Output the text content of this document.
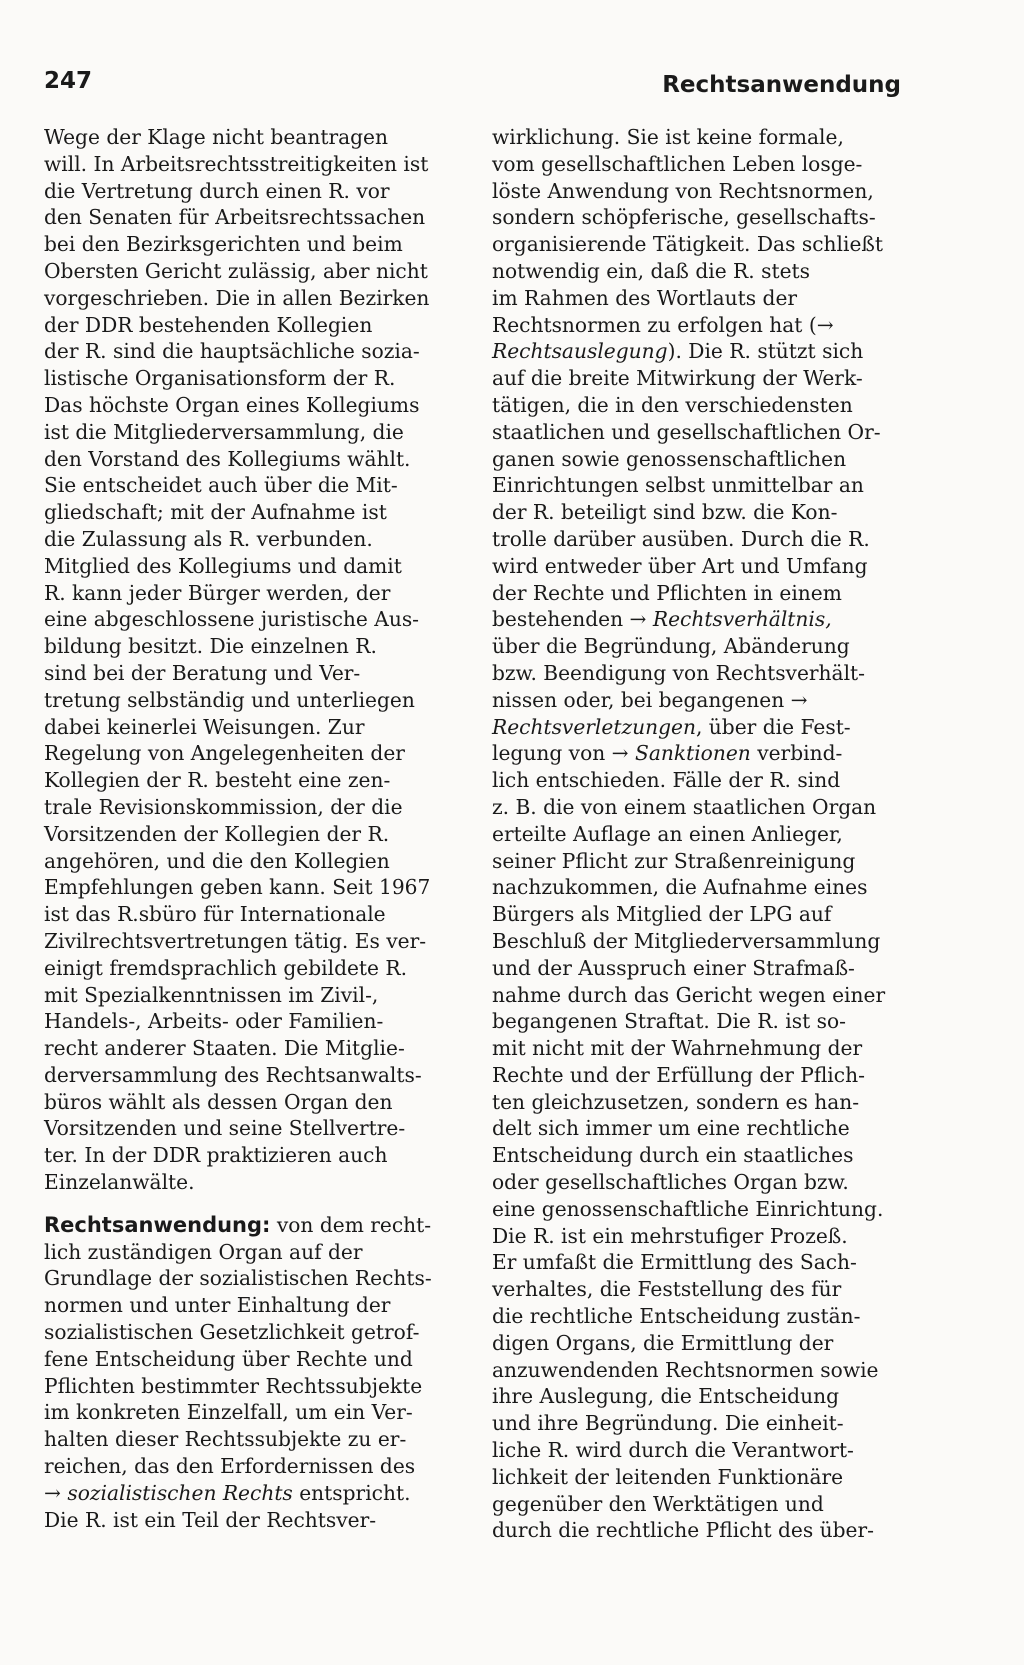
247	Rechtsanwendung
Wege der Klage nicht beantragen
will. In Arbeitsrechtsstreitigkeiten ist
die Vertretung durch einen R. vor
den Senaten für Arbeitsrechtssachen
bei den Bezirksgerichten und beim
Obersten Gericht zulässig, aber nicht
vorgeschrieben. Die in allen Bezirken
der DDR bestehenden Kollegien
der R. sind die hauptsächliche sozia-
listische Organisationsform der R.
Das höchste Organ eines Kollegiums
ist die Mitgliederversammlung, die
den Vorstand des Kollegiums wählt.
Sie entscheidet auch über die Mit-
gliedschaft; mit der Aufnahme ist
die Zulassung als R. verbunden.
Mitglied des Kollegiums und damit
R. kann jeder Bürger werden, der
eine abgeschlossene juristische Aus-
bildung besitzt. Die einzelnen R.
sind bei der Beratung und Ver-
tretung selbständig und unterliegen
dabei keinerlei Weisungen. Zur
Regelung von Angelegenheiten der
Kollegien der R. besteht eine zen-
trale Revisionskommission, der die
Vorsitzenden der Kollegien der R.
angehören, und die den Kollegien
Empfehlungen geben kann. Seit 1967
ist das R.sbüro für Internationale
Zivilrechtsvertretungen tätig. Es ver-
einigt fremdsprachlich gebildete R.
mit Spezialkenntnissen im Zivil-,
Handels-, Arbeits- oder Familien-
recht anderer Staaten. Die Mitglie-
derversammlung des Rechtsanwalts-
büros wählt als dessen Organ den
Vorsitzenden und seine Stellvertre-
ter. In der DDR praktizieren auch
Einzelanwälte.
Rechtsanwendung: von dem recht-
lich zuständigen Organ auf der
Grundlage der sozialistischen Rechts-
normen und unter Einhaltung der
sozialistischen Gesetzlichkeit getrof-
fene Entscheidung über Rechte und
Pflichten bestimmter Rechtssubjekte
im konkreten Einzelfall, um ein Ver-
halten dieser Rechtssubjekte zu er-
reichen, das den Erfordernissen des
→ sozialistischen Rechts entspricht.
Die R. ist ein Teil der Rechtsver-
wirklichung. Sie ist keine formale,
vom gesellschaftlichen Leben losge-
löste Anwendung von Rechtsnormen,
sondern schöpferische, gesellschafts-
organisierende Tätigkeit. Das schließt
notwendig ein, daß die R. stets
im Rahmen des Wortlauts der
Rechtsnormen zu erfolgen hat (→
Rechtsauslegung). Die R. stützt sich
auf die breite Mitwirkung der Werk-
tätigen, die in den verschiedensten
staatlichen und gesellschaftlichen Or-
ganen sowie genossenschaftlichen
Einrichtungen selbst unmittelbar an
der R. beteiligt sind bzw. die Kon-
trolle darüber ausüben. Durch die R.
wird entweder über Art und Umfang
der Rechte und Pflichten in einem
bestehenden → Rechtsverhältnis,
über die Begründung, Abänderung
bzw. Beendigung von Rechtsverhält-
nissen oder, bei begangenen →
Rechtsverletzungen, über die Fest-
legung von → Sanktionen verbind-
lich entschieden. Fälle der R. sind
z. B. die von einem staatlichen Organ
erteilte Auflage an einen Anlieger,
seiner Pflicht zur Straßenreinigung
nachzukommen, die Aufnahme eines
Bürgers als Mitglied der LPG auf
Beschluß der Mitgliederversammlung
und der Ausspruch einer Strafmaß-
nahme durch das Gericht wegen einer
begangenen Straftat. Die R. ist so-
mit nicht mit der Wahrnehmung der
Rechte und der Erfüllung der Pflich-
ten gleichzusetzen, sondern es han-
delt sich immer um eine rechtliche
Entscheidung durch ein staatliches
oder gesellschaftliches Organ bzw.
eine genossenschaftliche Einrichtung.
Die R. ist ein mehrstufiger Prozeß.
Er umfaßt die Ermittlung des Sach-
verhaltes, die Feststellung des für
die rechtliche Entscheidung zustän-
digen Organs, die Ermittlung der
anzuwendenden Rechtsnormen sowie
ihre Auslegung, die Entscheidung
und ihre Begründung. Die einheit-
liche R. wird durch die Verantwort-
lichkeit der leitenden Funktionäre
gegenüber den Werktätigen und
durch die rechtliche Pflicht des über-
